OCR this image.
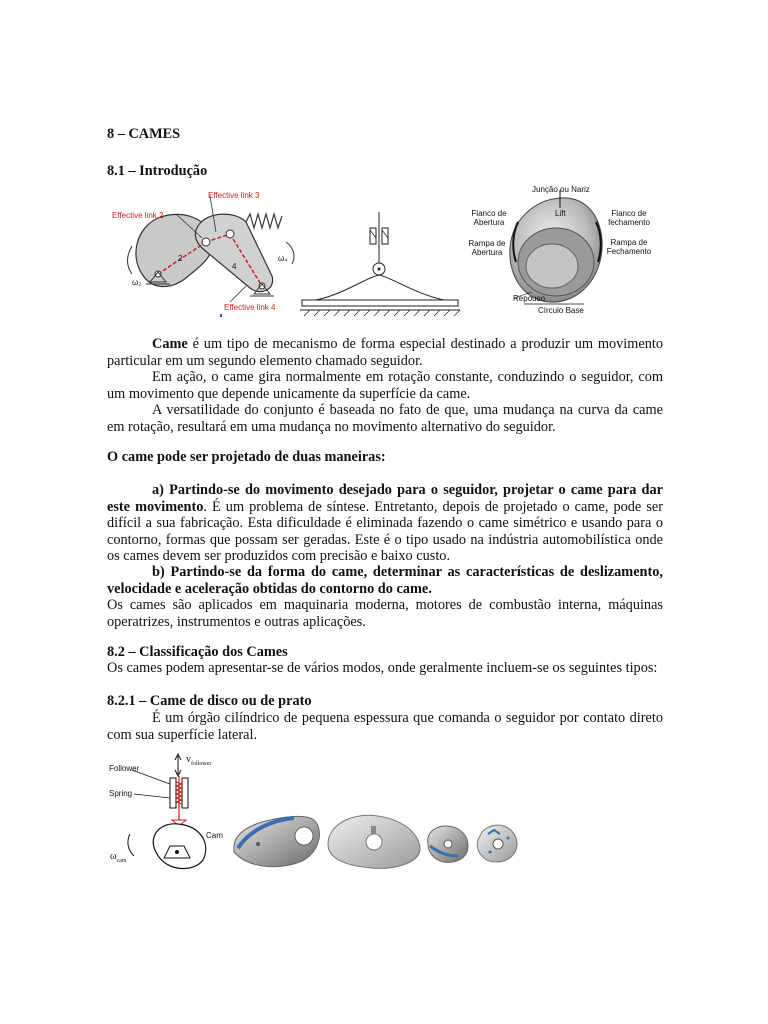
8 – CAMES
8.1 – Introdução
Effective link 2
Effective link 3
Effective link 4
ω₂
ω₄
2
4
Junção ou Nariz
Flanco de Abertura
Flanco de fechamento
Rampa de Abertura
Rampa de Fechamento
Lift
Repouso
Círculo Base
Came é um tipo de mecanismo de forma especial destinado a produzir um movimento particular em um segundo elemento chamado seguidor.
Em ação, o came gira normalmente em rotação constante, conduzindo o seguidor, com um movimento que depende unicamente da superfície da came.
A versatilidade do conjunto é baseada no fato de que, uma mudança na curva da came em rotação, resultará em uma mudança no movimento alternativo do seguidor.
O came pode ser projetado de duas maneiras:
a) Partindo-se do movimento desejado para o seguidor, projetar o came para dar este movimento. É um problema de síntese. Entretanto, depois de projetado o came, pode ser difícil a sua fabricação. Esta dificuldade é eliminada fazendo o came simétrico e usando para o contorno, formas que possam ser geradas. Este é o tipo usado na indústria automobilística onde os cames devem ser produzidos com precisão e baixo custo.
b) Partindo-se da forma do came, determinar as características de deslizamento, velocidade e aceleração obtidas do contorno do came.
Os cames são aplicados em maquinaria moderna, motores de combustão interna, máquinas operatrizes, instrumentos e outras aplicações.
8.2 – Classificação dos Cames
Os cames podem apresentar-se de vários modos, onde geralmente incluem-se os seguintes tipos:
8.2.1 – Came de disco ou de prato
É um órgão cilíndrico de pequena espessura que comanda o seguidor por contato direto com sua superfície lateral.
Follower
Spring
Cam
$v_{follower}$
$\omega_{cam}$
